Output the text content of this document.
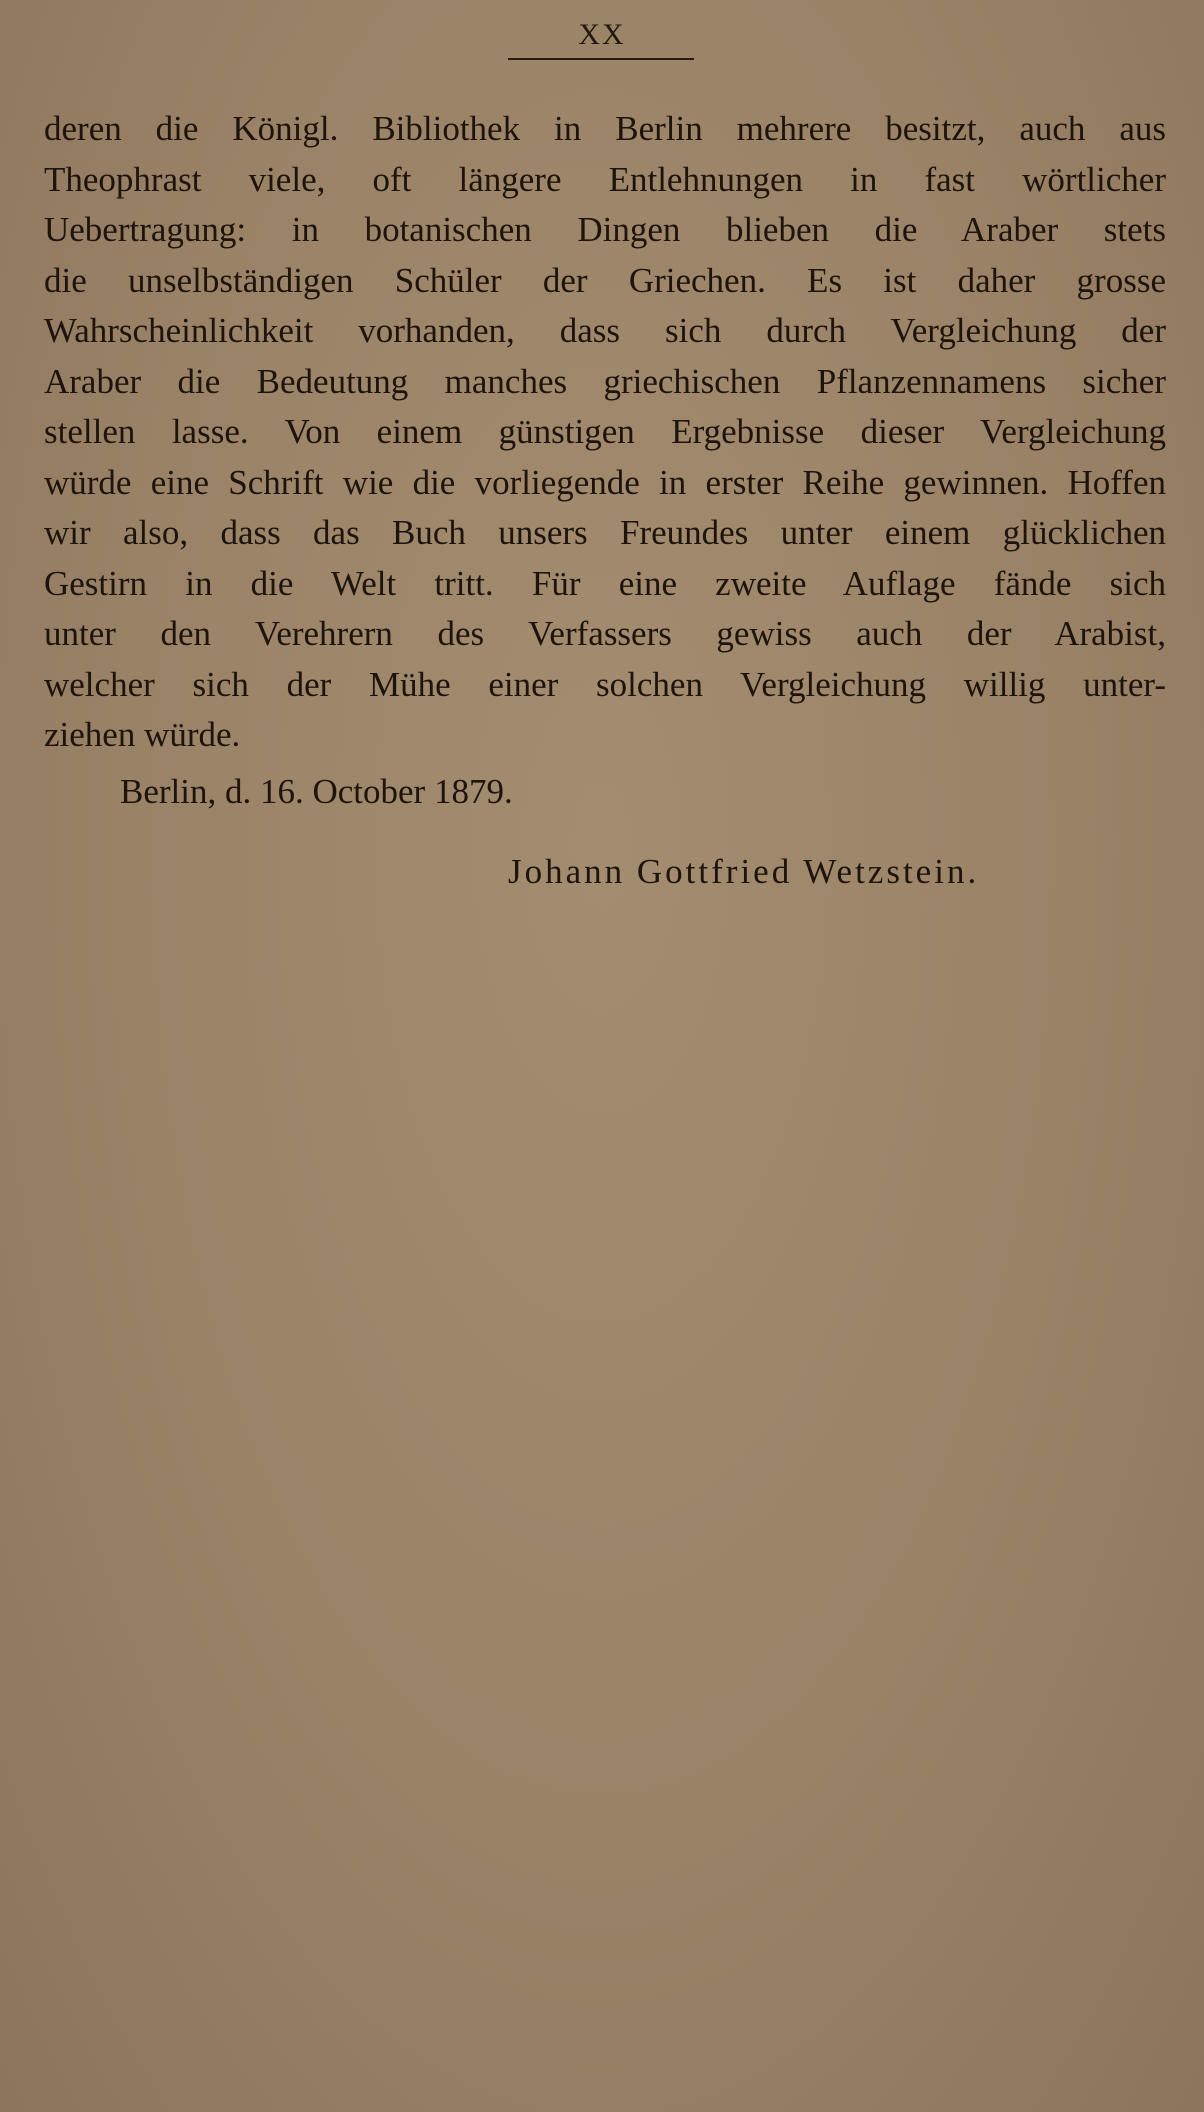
XX
deren die Königl. Bibliothek in Berlin mehrere besitzt, auch aus
Theophrast viele, oft längere Entlehnungen in fast wörtlicher
Uebertragung: in botanischen Dingen blieben die Araber stets
die unselbständigen Schüler der Griechen. Es ist daher grosse
Wahrscheinlichkeit vorhanden, dass sich durch Vergleichung der
Araber die Bedeutung manches griechischen Pflanzennamens sicher
stellen lasse. Von einem günstigen Ergebnisse dieser Vergleichung
würde eine Schrift wie die vorliegende in erster Reihe gewinnen. Hoffen
wir also, dass das Buch unsers Freundes unter einem glücklichen
Gestirn in die Welt tritt. Für eine zweite Auflage fände sich
unter den Verehrern des Verfassers gewiss auch der Arabist,
welcher sich der Mühe einer solchen Vergleichung willig unter-
ziehen würde.
Berlin, d. 16. October 1879.
Johann Gottfried Wetzstein.
